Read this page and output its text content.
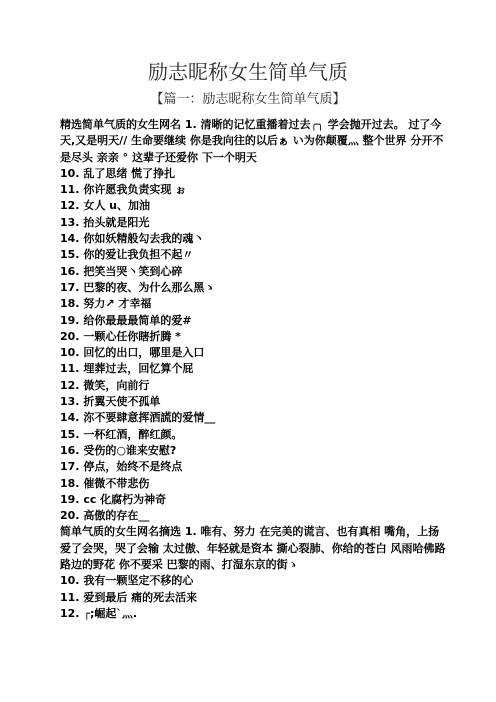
励志昵称女生简单气质
【篇一：励志昵称女生简单气质】

精选简单气质的女生网名 1. 清晰的记忆重播着过去╭╮ 学会抛开过去。 过了今天,又是明天// 生命要继续 你是我向往的以后ぁ い为你颠覆灬 整个世界 分开不是尽头 亲亲 ° 这辈子还爱你 下一个明天

10. 乱了思绪 慌了挣扎

11. 你许愿我负责实现 ぉ

12. 女人 u、加油

13. 抬头就是阳光

14. 你如妖精般勾去我的魂丶

15. 你的爱让我负担不起〃

16. 把笑当哭丶笑到心碎

17. 巴黎的夜、为什么那么黑ゝ

18. 努力↗ 才幸福

19. 给你最最最简单的爱#

20. 一颗心任你瞎折腾 *

10. 回忆的出口，哪里是入口

11. 埋葬过去，回忆算个屁

12. 微笑，向前行

13. 折翼天使不孤单

14. 沵不要肆意挥洒謊的爱情__

15. 一杯红酒，醉红颜。

16. 受伤的○谁来安慰?

17. 停点，始终不是终点

18. 催微不带悲伤

19. cc 化腐朽为神奇

20. 高傲的存在__

简单气质的女生网名摘选 1. 唯有、努力 在完美的谎言、也有真相 嘴角，上扬 爱了会哭，哭了会输 太过傲、年轻就是资本 撕心裂肺、你给的苍白 风雨哈佛路 路边的野花 你不要采 巴黎的雨、打湿东京的街ゝ

10. 我有一颗坚定不移的心

11. 爱到最后 痛的死去活来

12. ┌;崛起ˋ灬.
